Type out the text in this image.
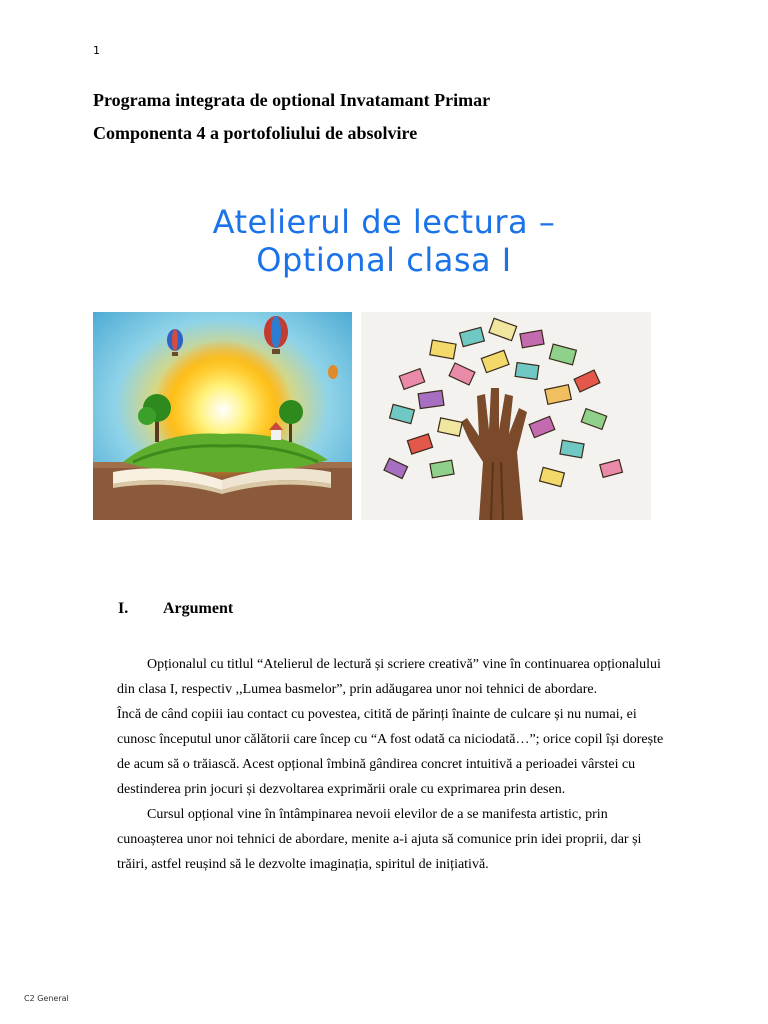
1
Programa integrata de optional Invatamant Primar
Componenta 4 a portofoliului de absolvire
Atelierul de lectura –
Optional clasa I
I. Argument

Opționalul cu titlul “Atelierul de lectură și scriere creativă” vine în continuarea opționalului din clasa I, respectiv ,,Lumea basmelor”, prin adăugarea unor noi tehnici de abordare.

Încă de când copiii iau contact cu povestea, citită de părinți înainte de culcare și nu numai, ei cunosc începutul unor călătorii care încep cu “A fost odată ca niciodată…”; orice copil își dorește de acum să o trăiască. Acest opțional îmbină gândirea concret intuitivă a perioadei vârstei cu destinderea prin jocuri și dezvoltarea exprimării orale cu exprimarea prin desen.

Cursul opțional vine în întâmpinarea nevoii elevilor de a se manifesta artistic, prin cunoașterea unor noi tehnici de abordare, menite a-i ajuta să comunice prin idei proprii, dar și trăiri, astfel reușind să le dezvolte imaginația, spiritul de inițiativă.

C2 General
